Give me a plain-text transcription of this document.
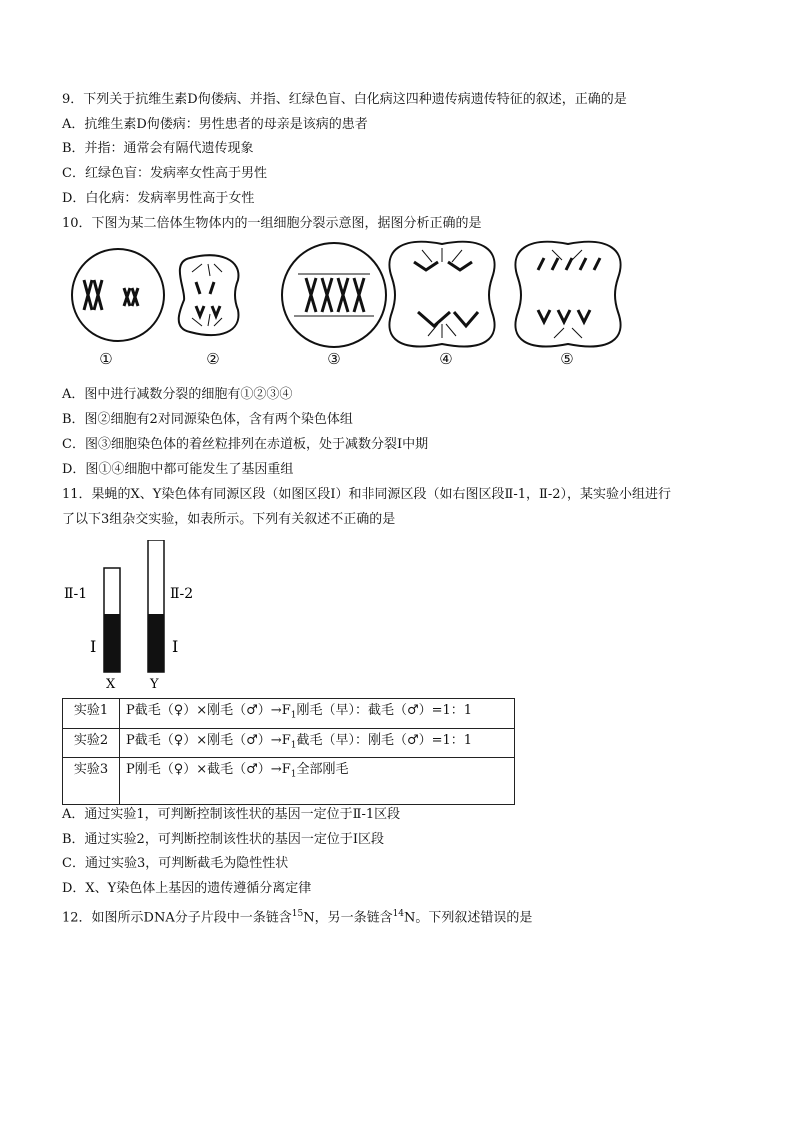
9．下列关于抗维生素D佝偻病、并指、红绿色盲、白化病这四种遗传病遗传特征的叙述，正确的是
A．抗维生素D佝偻病：男性患者的母亲是该病的患者
B．并指：通常会有隔代遗传现象
C．红绿色盲：发病率女性高于男性
D．白化病：发病率男性高于女性
10．下图为某二倍体生物体内的一组细胞分裂示意图，据图分析正确的是
①	②	③	④	⑤
A．图中进行减数分裂的细胞有①②③④
B．图②细胞有2对同源染色体，含有两个染色体组
C．图③细胞染色体的着丝粒排列在赤道板，处于减数分裂Ⅰ中期
D．图①④细胞中都可能发生了基因重组
11．果蝇的X、Y染色体有同源区段（如图区段Ⅰ）和非同源区段（如右图区段Ⅱ-1，Ⅱ-2），某实验小组进行
了以下3组杂交实验，如表所示。下列有关叙述不正确的是
Ⅱ-1	Ⅱ-2
I	I
X	Y
实验1	P截毛（♀）×刚毛$(♂)\to F_1$刚毛（早）：截毛（♂）=1：1
实验2	P截毛（♀）×刚毛$(♂)\to F_1$截毛（早）：刚毛（♂）=1：1
实验3	P刚毛（♀）×截毛$(♂)\to F_1$全部刚毛
A．通过实验1，可判断控制该性状的基因一定位于Ⅱ-1区段
B．通过实验2，可判断控制该性状的基因一定位于Ⅰ区段
C．通过实验3，可判断截毛为隐性性状
D．X、Y染色体上基因的遗传遵循分离定律
12．如图所示DNA分子片段中一条链含$^{15}$N，另一条链含$^{14}$N。下列叙述错误的是
